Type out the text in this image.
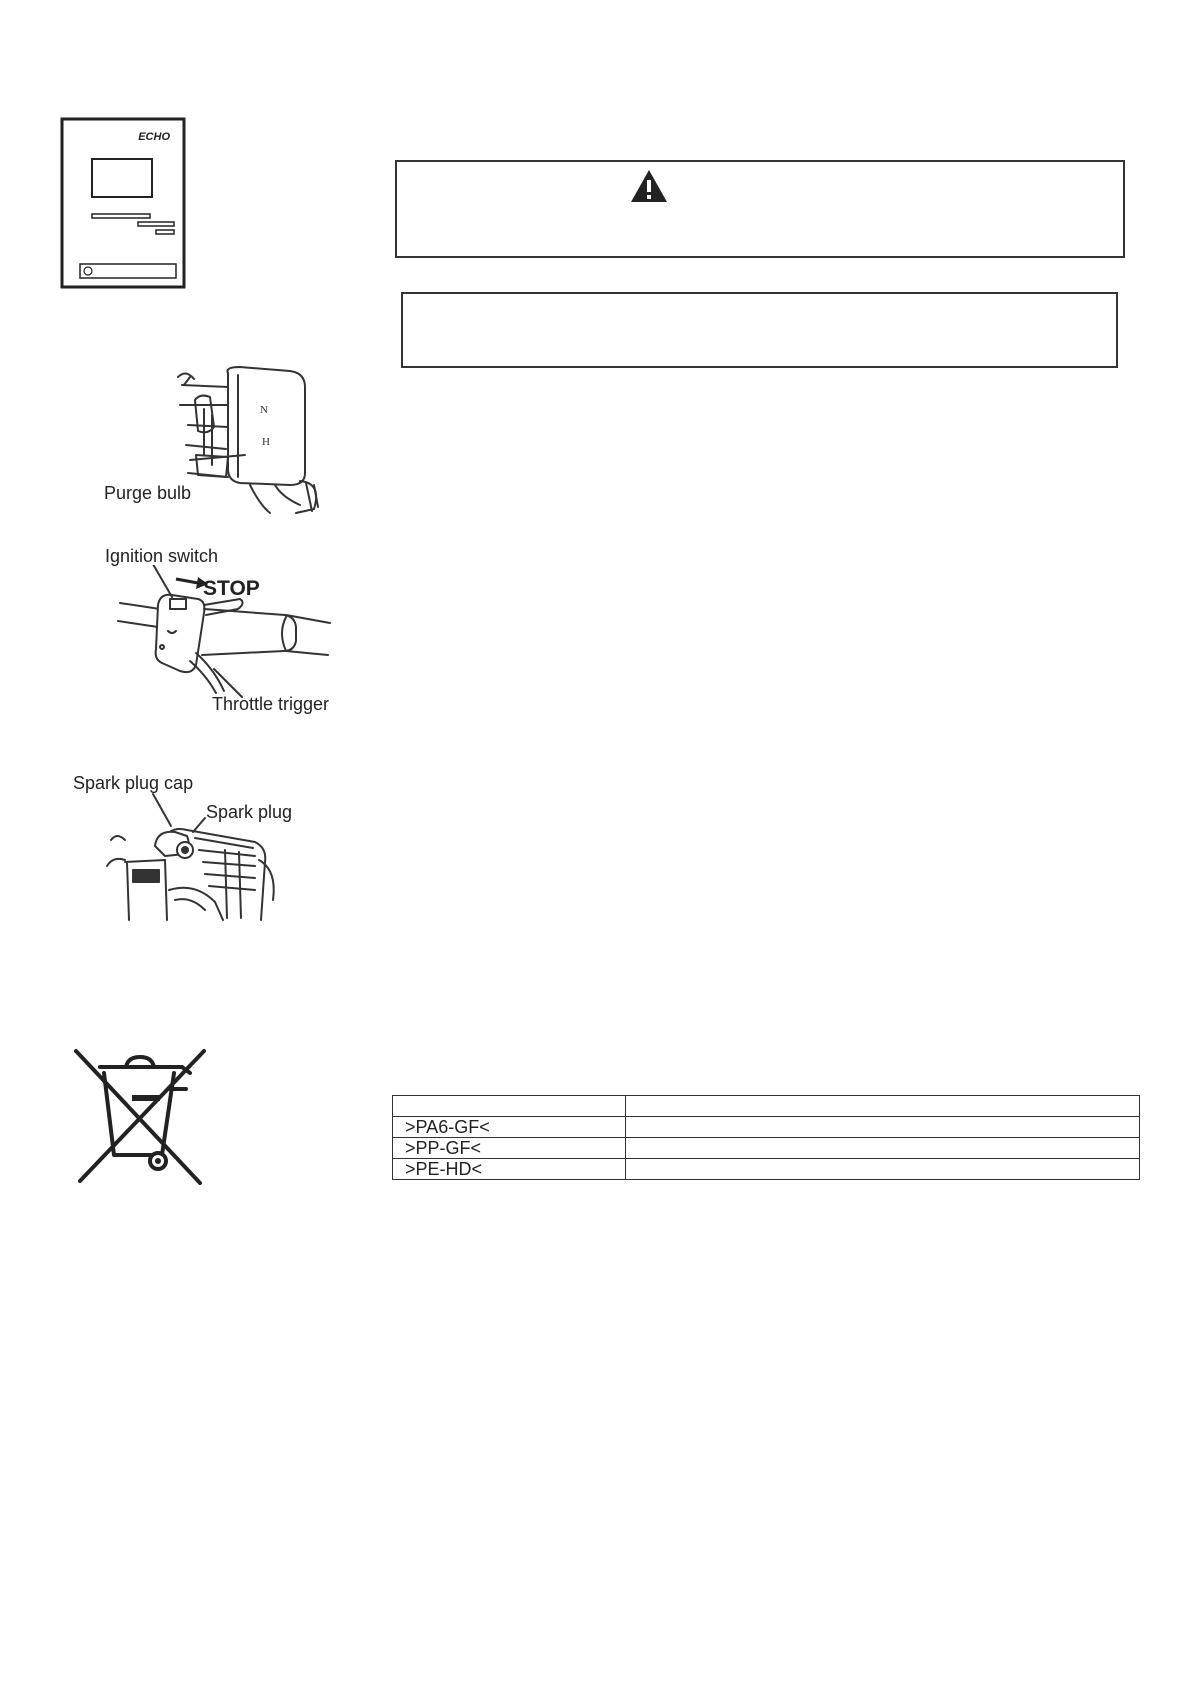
ECHO
N
H
Purge bulb
Ignition switch
STOP
Throttle trigger
Spark plug cap
Spark plug

>PA6-GF<	
>PP-GF<	
>PE-HD<	
